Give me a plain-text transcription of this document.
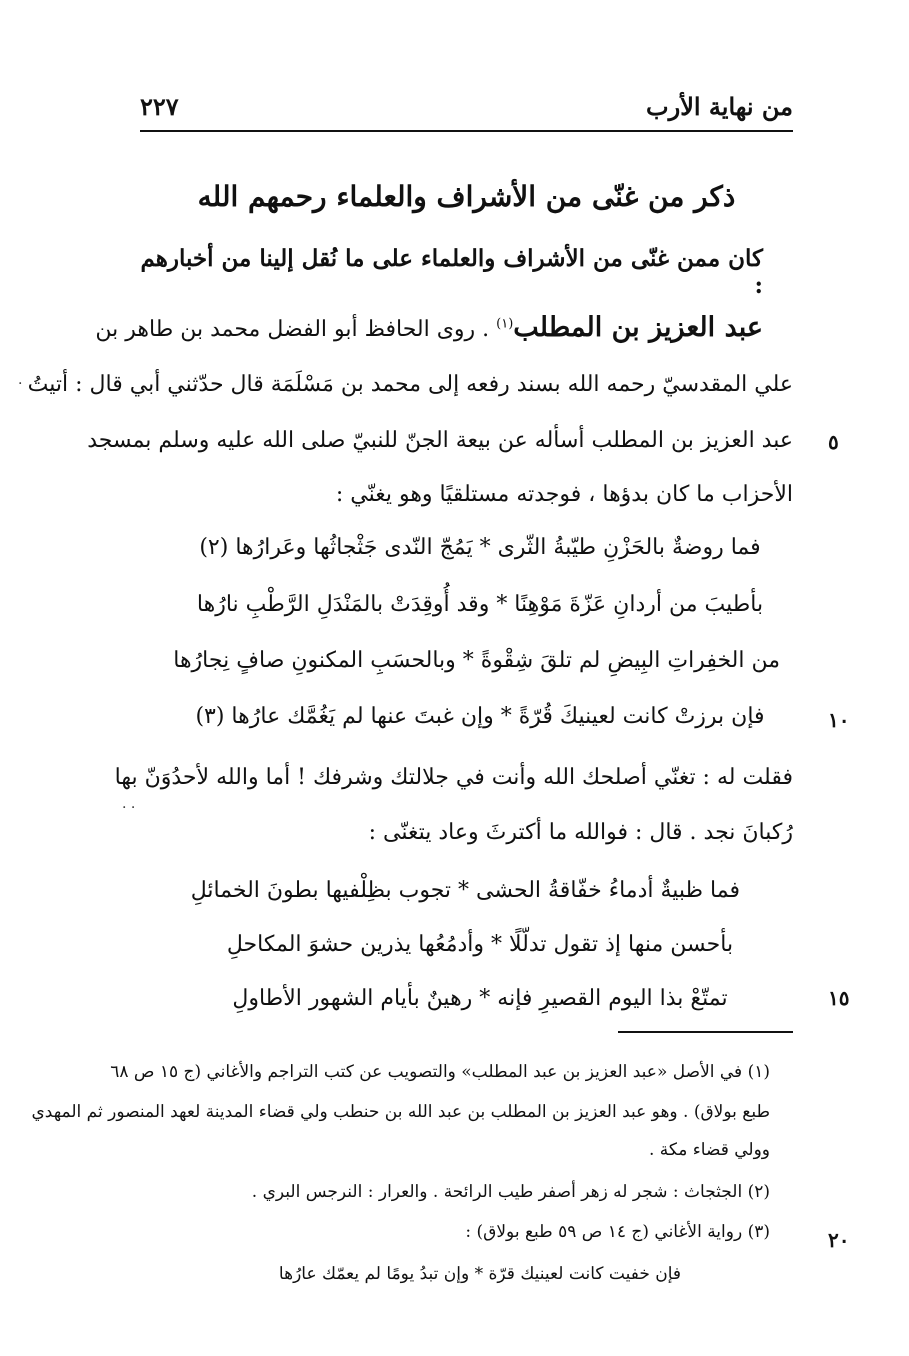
من نهاية الأرب
٢٢٧
ذكر من غنّى من الأشراف والعلماء رحمهم الله
كان ممن غنّى من الأشراف والعلماء على ما نُقل إلينا من أخبارهم :
عبد العزيز بن المطلب$^{(١)}$ . روى الحافظ أبو الفضل محمد بن طاهر بن
علي المقدسيّ رحمه الله بسند رفعه إلى محمد بن مَسْلَمَة قال حدّثني أبي قال : أتيتُ
عبد العزيز بن المطلب أسأله عن بيعة الجنّ للنبيّ صلى الله عليه وسلم بمسجد
الأحزاب ما كان بدؤها ، فوجدته مستلقيًا وهو يغنّي :
فما روضةٌ بالحَزْنِ طيّبةُ الثّرى * يَمُجّ النّدى جَثْجاثُها وعَرارُها (٢)
بأطيبَ من أردانِ عَزّةَ مَوْهِنًا * وقد أُوقِدَتْ بالمَنْدَلِ الرَّطْبِ نارُها
من الخفِراتِ البِيضِ لم تلقَ شِقْوةً * وبالحسَبِ المكنونِ صافٍ نِجارُها
فإن برزتْ كانت لعينيكَ قُرّةً * وإن غبتَ عنها لم يَغُمَّك عارُها (٣)
فقلت له : تغنّي أصلحك الله وأنت في جلالتك وشرفك ! أما والله لأحدُوَنّ بها
رُكبانَ نجد . قال : فوالله ما أكترثَ وعاد يتغنّى :
فما ظبيةٌ أدماءُ خفّاقةُ الحشى * تجوب بظِلْفيها بطونَ الخمائلِ
بأحسن منها إذ تقول تدلّلًا * وأدمُعُها يذرين حشوَ المكاحلِ
تمتّعْ بذا اليوم القصيرِ فإنه * رهينٌ بأيام الشهور الأطاولِ
٥
١٠
١٥
٢٠
(١) في الأصل «عبد العزيز بن عبد المطلب» والتصويب عن كتب التراجم والأغاني (ج ١٥ ص ٦٨
طبع بولاق) . وهو عبد العزيز بن المطلب بن عبد الله بن حنطب ولي قضاء المدينة لعهد المنصور ثم المهدي
وولي قضاء مكة .
(٢) الجثجاث : شجر له زهر أصفر طيب الرائحة . والعرار : النرجس البري .
(٣) رواية الأغاني (ج ١٤ ص ٥٩ طبع بولاق) :
فإن خفيت كانت لعينيك قرّة * وإن تبدُ يومًا لم يعمّك عارُها
.
. .
